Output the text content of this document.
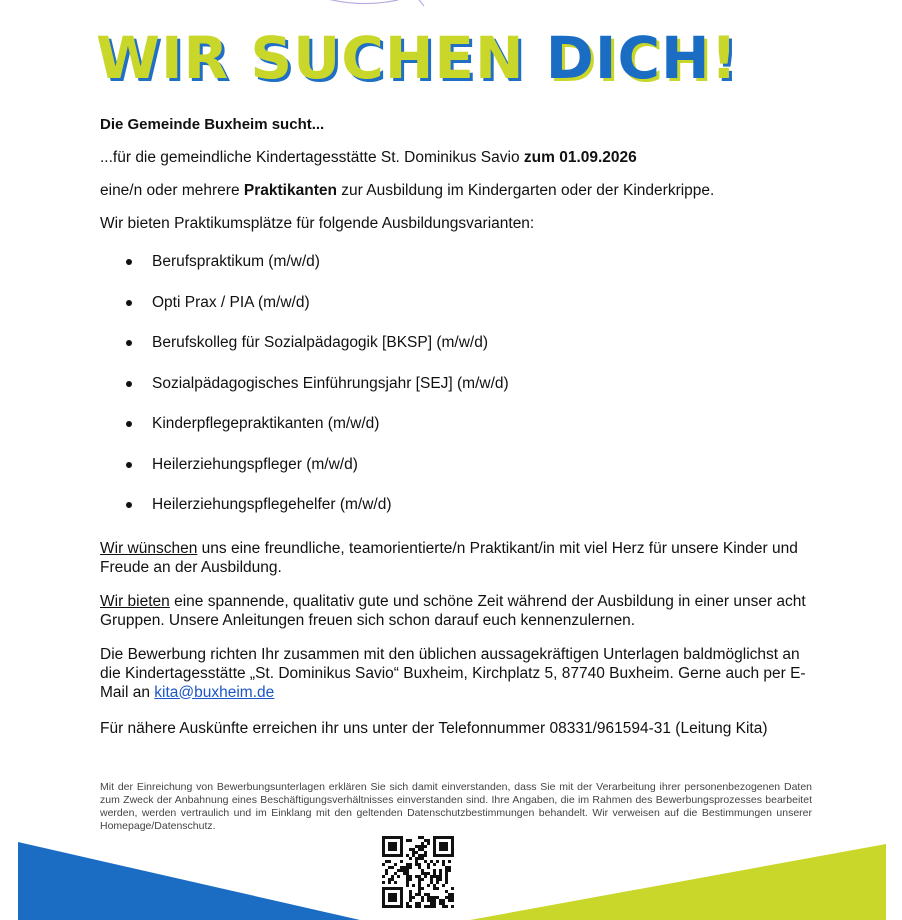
WIR SUCHEN DICH!

Die Gemeinde Buxheim sucht...

...für die gemeindliche Kindertagesstätte St. Dominikus Savio zum 01.09.2026

eine/n oder mehrere Praktikanten zur Ausbildung im Kindergarten oder der Kinderkrippe.

Wir bieten Praktikumsplätze für folgende Ausbildungsvarianten:

Berufspraktikum (m/w/d)
Opti Prax / PIA (m/w/d)
Berufskolleg für Sozialpädagogik [BKSP] (m/w/d)
Sozialpädagogisches Einführungsjahr [SEJ] (m/w/d)
Kinderpflegepraktikanten (m/w/d)
Heilerziehungspfleger (m/w/d)
Heilerziehungspflegehelfer (m/w/d)

Wir wünschen uns eine freundliche, teamorientierte/n Praktikant/in mit viel Herz für unsere Kinder und Freude an der Ausbildung.

Wir bieten eine spannende, qualitativ gute und schöne Zeit während der Ausbildung in einer unser acht Gruppen. Unsere Anleitungen freuen sich schon darauf euch kennenzulernen.

Die Bewerbung richten Ihr zusammen mit den üblichen aussagekräftigen Unterlagen baldmöglichst an die Kindertagesstätte „St. Dominikus Savio“ Buxheim, Kirchplatz 5, 87740 Buxheim. Gerne auch per E-Mail an kita@buxheim.de

Für nähere Auskünfte erreichen ihr uns unter der Telefonnummer 08331/961594-31 (Leitung Kita)

Mit der Einreichung von Bewerbungsunterlagen erklären Sie sich damit einverstanden, dass Sie mit der Verarbeitung ihrer personenbezogenen Daten zum Zweck der Anbahnung eines Beschäftigungsverhältnisses einverstanden sind. Ihre Angaben, die im Rahmen des Bewerbungsprozesses bearbeitet werden, werden vertraulich und im Einklang mit den geltenden Datenschutzbestimmungen behandelt. Wir verweisen auf die Bestimmungen unserer Homepage/Datenschutz.
